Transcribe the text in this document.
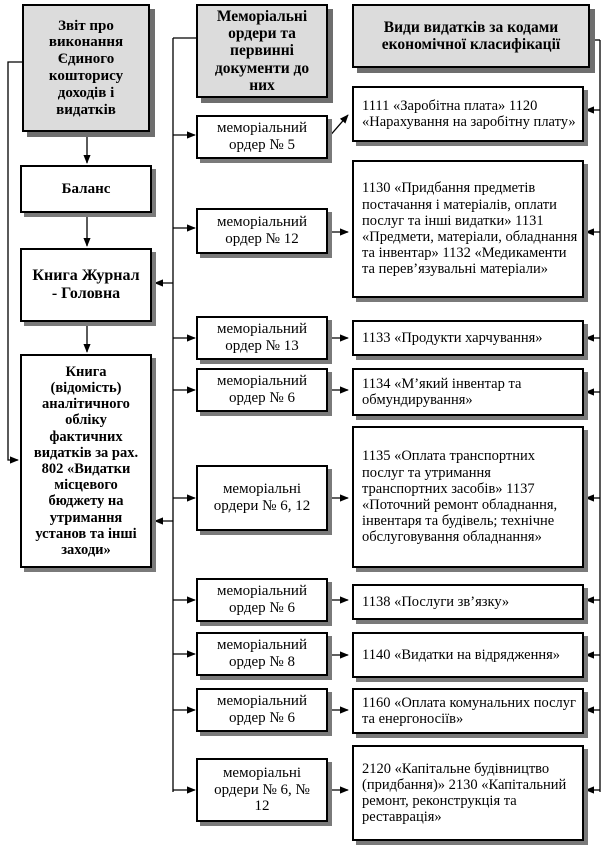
Звіт про виконання Єдиного кошторису доходів і видатків
Баланс
Книга Журнал - Головна
Книга (відомість) аналітичного обліку фактичних видатків за рах. 802 «Видатки місцевого бюджету на утримання установ та інші заходи»
Меморіальні ордери та первинні документи до них
Види видатків за кодами економічної класифікації
меморіальний ордер № 5
меморіальний ордер № 12
меморіальний ордер № 13
меморіальний ордер № 6
меморіальні ордери № 6, 12
меморіальний ордер № 6
меморіальний ордер № 8
меморіальний ордер № 6
меморіальні ордери № 6, № 12
1111 «Заробітна плата» 1120 «Нарахування на заробітну плату»
1130 «Придбання предметів постачання і матеріалів, оплати послуг та інші видатки» 1131 «Предмети, матеріали, обладнання та інвентар» 1132 «Медикаменти та перев’язувальні матеріали»
1133 «Продукти харчування»
1134 «М’який інвентар та обмундирування»
1135 «Оплата транспортних послуг та утримання транспортних засобів» 1137 «Поточний ремонт обладнання, інвентаря та будівель; технічне обслуговування обладнання»
1138 «Послуги зв’язку»
1140 «Видатки на відрядження»
1160 «Оплата комунальних послуг та енергоносіїв»
2120 «Капітальне будівництво (придбання)» 2130 «Капітальний ремонт, реконструкція та реставрація»
